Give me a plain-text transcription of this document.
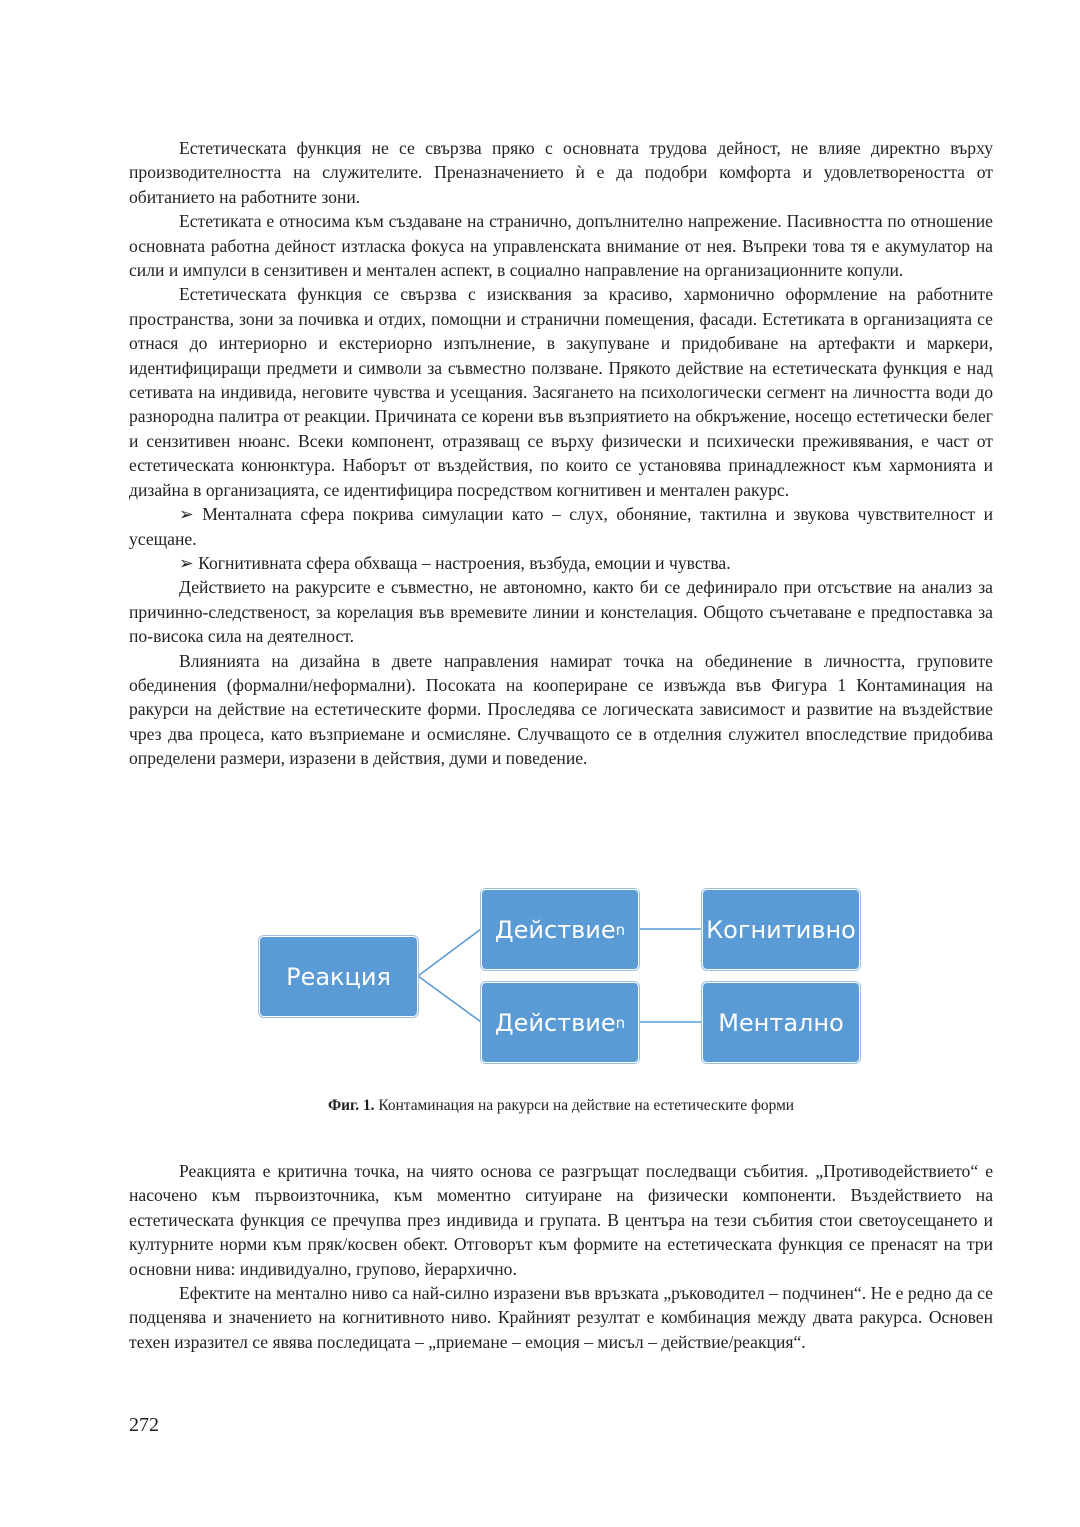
Естетическата функция не се свързва пряко с основната трудова дейност, не влияе директно върху производителността на служителите. Преназначението ѝ е да подобри комфорта и удовлетвореността от обитанието на работните зони.

Естетиката е относима към създаване на странично, допълнително напрежение. Пасивността по отношение основната работна дейност изтласка фокуса на управленската внимание от нея. Въпреки това тя е акумулатор на сили и импулси в сензитивен и ментален аспект, в социално направление на организационните копули.

Естетическата функция се свързва с изисквания за красиво, хармонично оформление на работните пространства, зони за почивка и отдих, помощни и странични помещения, фасади. Естетиката в организацията се отнася до интериорно и екстериорно изпълнение, в закупуване и придобиване на артефакти и маркери, идентифициращи предмети и символи за съвместно ползване. Прякото действие на естетическата функция е над сетивата на индивида, неговите чувства и усещания. Засягането на психологически сегмент на личността води до разнородна палитра от реакции. Причината се корени във възприятието на обкръжение, носещо естетически белег и сензитивен нюанс. Всеки компонент, отразяващ се върху физически и психически преживявания, е част от естетическата конюнктура. Наборът от въздействия, по които се установява принадлежност към хармонията и дизайна в организацията, се идентифицира посредством когнитивен и ментален ракурс.

➢ Менталната сфера покрива симулации като – слух, обоняние, тактилна и звукова чувствителност и усещане.

➢ Когнитивната сфера обхваща – настроения, възбуда, емоции и чувства.

Действието на ракурсите е съвместно, не автономно, както би се дефинирало при отсъствие на анализ за причинно-следственост, за корелация във времевите линии и констелация. Общото съчетаване е предпоставка за по-висока сила на деятелност.

Влиянията на дизайна в двете направления намират точка на обединение в личността, груповите обединения (формални/неформални). Посоката на коопериране се извъжда във Фигура 1 Контаминация на ракурси на действие на естетическите форми. Проследява се логическата зависимост и развитие на въздействие чрез два процеса, като възприемане и осмисляне. Случващото се в отделния служител впоследствие придобива определени размери, изразени в действия, думи и поведение.

Реакция
Действие n
Действие n
Когнитивно
Ментално
Фиг. 1. Контаминация на ракурси на действие на естетическите форми

Реакцията е критична точка, на чиято основа се разгръщат последващи събития. „Противодействието“ е насочено към първоизточника, към моментно ситуиране на физически компоненти. Въздействието на естетическата функция се пречупва през индивида и групата. В центъра на тези събития стои светоусещането и културните норми към пряк/косвен обект. Отговорът към формите на естетическата функция се пренасят на три основни нива: индивидуално, групово, йерархично.

Ефектите на ментално ниво са най-силно изразени във връзката „ръководител – подчинен“. Не е редно да се подценява и значението на когнитивното ниво. Крайният резултат е комбинация между двата ракурса. Основен техен изразител се явява последицата – „приемане – емоция – мисъл – действие/реакция“.

272
